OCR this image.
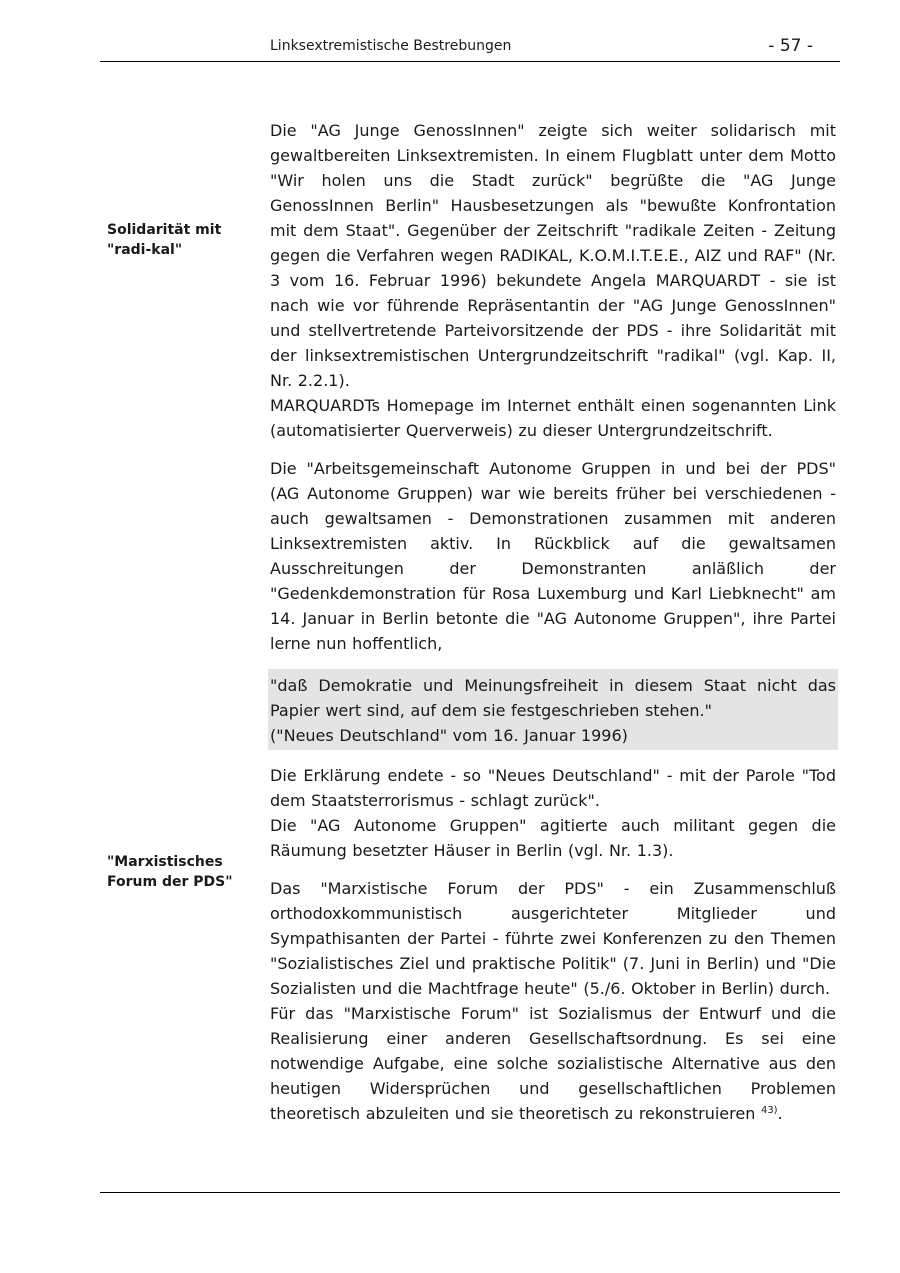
Linksextremistische Bestrebungen	- 57 -
Solidarität mit "radi-kal"
"Marxistisches Forum der PDS"

Die "AG Junge GenossInnen" zeigte sich weiter solidarisch mit gewaltbereiten Linksextremisten. In einem Flugblatt unter dem Motto "Wir holen uns die Stadt zurück" begrüßte die "AG Junge GenossInnen Berlin" Hausbesetzungen als "bewußte Konfrontation mit dem Staat". Gegenüber der Zeitschrift "radikale Zeiten - Zeitung gegen die Verfahren wegen RADIKAL, K.O.M.I.T.E.E., AIZ und RAF" (Nr. 3 vom 16. Februar 1996) bekundete Angela MARQUARDT - sie ist nach wie vor führende Repräsentantin der "AG Junge GenossInnen" und stellvertretende Parteivorsitzende der PDS - ihre Solidarität mit der linksextremistischen Untergrundzeitschrift "radikal" (vgl. Kap. II, Nr. 2.2.1).

MARQUARDTs Homepage im Internet enthält einen sogenannten Link (automatisierter Querverweis) zu dieser Untergrundzeitschrift.

Die "Arbeitsgemeinschaft Autonome Gruppen in und bei der PDS" (AG Autonome Gruppen) war wie bereits früher bei verschiedenen - auch gewaltsamen - Demonstrationen zusammen mit anderen Linksextremisten aktiv. In Rückblick auf die gewaltsamen Ausschreitungen der Demonstranten anläßlich der "Gedenkdemonstration für Rosa Luxemburg und Karl Liebknecht" am 14. Januar in Berlin betonte die "AG Autonome Gruppen", ihre Partei lerne nun hoffentlich,

"daß Demokratie und Meinungsfreiheit in diesem Staat nicht das Papier wert sind, auf dem sie festgeschrieben stehen."

("Neues Deutschland" vom 16. Januar 1996)

Die Erklärung endete - so "Neues Deutschland" - mit der Parole "Tod dem Staatsterrorismus - schlagt zurück".

Die "AG Autonome Gruppen" agitierte auch militant gegen die Räumung besetzter Häuser in Berlin (vgl. Nr. 1.3).

Das "Marxistische Forum der PDS" - ein Zusammenschluß orthodoxkommunistisch ausgerichteter Mitglieder und Sympathisanten der Partei - führte zwei Konferenzen zu den Themen "Sozialistisches Ziel und praktische Politik" (7. Juni in Berlin) und "Die Sozialisten und die Machtfrage heute" (5./6. Oktober in Berlin) durch.

Für das "Marxistische Forum" ist Sozialismus der Entwurf und die Realisierung einer anderen Gesellschaftsordnung. Es sei eine notwendige Aufgabe, eine solche sozialistische Alternative aus den heutigen Widersprüchen und gesellschaftlichen Problemen theoretisch abzuleiten und sie theoretisch zu rekonstruieren $^{43)}$.
